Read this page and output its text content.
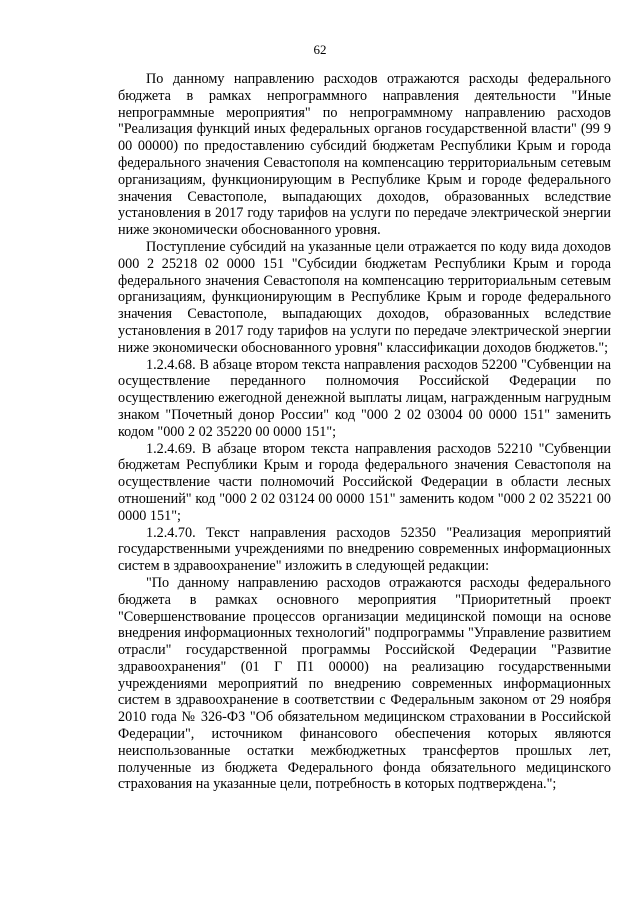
62

По данному направлению расходов отражаются расходы федерального бюджета в рамках непрограммного направления деятельности "Иные непрограммные мероприятия" по непрограммному направлению расходов "Реализация функций иных федеральных органов государственной власти" (99 9 00 00000) по предоставлению субсидий бюджетам Республики Крым и города федерального значения Севастополя на компенсацию территориальным сетевым организациям, функционирующим в Республике Крым и городе федерального значения Севастополе, выпадающих доходов, образованных вследствие установления в 2017 году тарифов на услуги по передаче электрической энергии ниже экономически обоснованного уровня.

Поступление субсидий на указанные цели отражается по коду вида доходов 000 2 25218 02 0000 151 "Субсидии бюджетам Республики Крым и города федерального значения Севастополя на компенсацию территориальным сетевым организациям, функционирующим в Республике Крым и городе федерального значения Севастополе, выпадающих доходов, образованных вследствие установления в 2017 году тарифов на услуги по передаче электрической энергии ниже экономически обоснованного уровня" классификации доходов бюджетов.";

1.2.4.68. В абзаце втором текста направления расходов 52200 "Субвенции на осуществление переданного полномочия Российской Федерации по осуществлению ежегодной денежной выплаты лицам, награжденным нагрудным знаком "Почетный донор России" код "000 2 02 03004 00 0000 151" заменить кодом "000 2 02 35220 00 0000 151";

1.2.4.69. В абзаце втором текста направления расходов 52210 "Субвенции бюджетам Республики Крым и города федерального значения Севастополя на осуществление части полномочий Российской Федерации в области лесных отношений" код "000 2 02 03124 00 0000 151" заменить кодом "000 2 02 35221 00 0000 151";

1.2.4.70. Текст направления расходов 52350 "Реализация мероприятий государственными учреждениями по внедрению современных информационных систем в здравоохранение" изложить в следующей редакции:

"По данному направлению расходов отражаются расходы федерального бюджета в рамках основного мероприятия "Приоритетный проект "Совершенствование процессов организации медицинской помощи на основе внедрения информационных технологий" подпрограммы "Управление развитием отрасли" государственной программы Российской Федерации "Развитие здравоохранения" (01 Г П1 00000) на реализацию государственными учреждениями мероприятий по внедрению современных информационных систем в здравоохранение в соответствии с Федеральным законом от 29 ноября 2010 года № 326-ФЗ "Об обязательном медицинском страховании в Российской Федерации", источником финансового обеспечения которых являются неиспользованные остатки межбюджетных трансфертов прошлых лет, полученные из бюджета Федерального фонда обязательного медицинского страхования на указанные цели, потребность в которых подтверждена.";
